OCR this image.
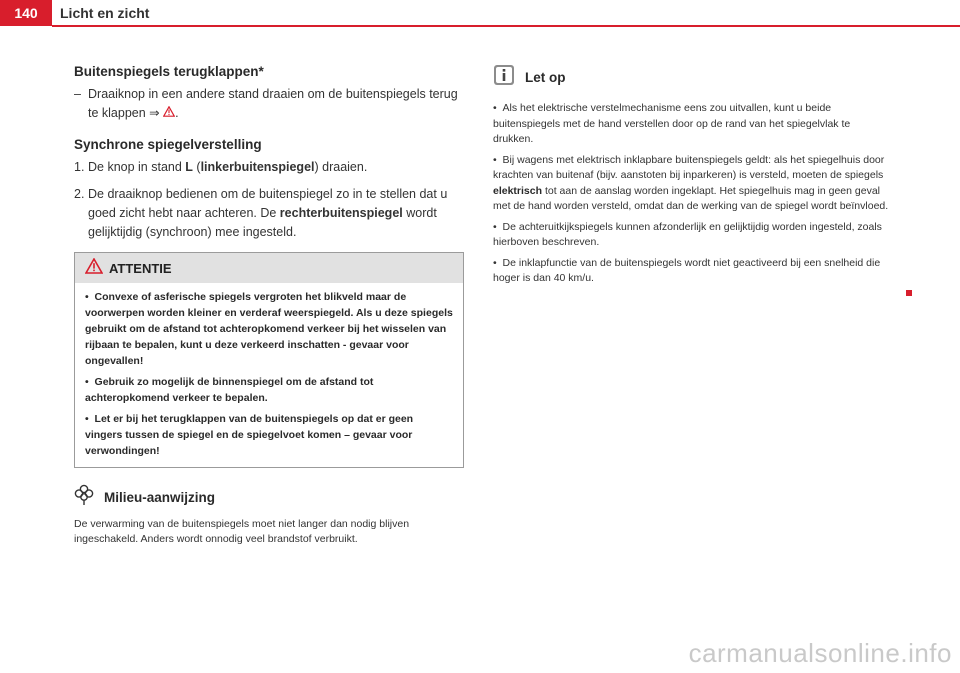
140 Licht en zicht
Buitenspiegels terugklappen*
– Draaiknop in een andere stand draaien om de buitenspiegels terug te klappen ⇒ .
Synchrone spiegelverstelling
1. De knop in stand L (linkerbuitenspiegel) draaien.
2. De draaiknop bedienen om de buitenspiegel zo in te stellen dat u goed zicht hebt naar achteren. De rechterbuitenspiegel wordt gelijktijdig (synchroon) mee ingesteld.
ATTENTIE

• Convexe of asferische spiegels vergroten het blikveld maar de voorwerpen worden kleiner en verderaf weerspiegeld. Als u deze spiegels gebruikt om de afstand tot achteropkomend verkeer bij het wisselen van rijbaan te bepalen, kunt u deze verkeerd inschatten - gevaar voor ongevallen!

• Gebruik zo mogelijk de binnenspiegel om de afstand tot achteropkomend verkeer te bepalen.

• Let er bij het terugklappen van de buitenspiegels op dat er geen vingers tussen de spiegel en de spiegelvoet komen – gevaar voor verwondingen!

Milieu-aanwijzing

De verwarming van de buitenspiegels moet niet langer dan nodig blijven ingeschakeld. Anders wordt onnodig veel brandstof verbruikt.

Let op

• Als het elektrische verstelmechanisme eens zou uitvallen, kunt u beide buitenspiegels met de hand verstellen door op de rand van het spiegelvlak te drukken.

• Bij wagens met elektrisch inklapbare buitenspiegels geldt: als het spiegelhuis door krachten van buitenaf (bijv. aanstoten bij inparkeren) is versteld, moeten de spiegels elektrisch tot aan de aanslag worden ingeklapt. Het spiegelhuis mag in geen geval met de hand worden versteld, omdat dan de werking van de spiegel wordt beïnvloed.

• De achteruitkijkspiegels kunnen afzonderlijk en gelijktijdig worden ingesteld, zoals hierboven beschreven.

• De inklapfunctie van de buitenspiegels wordt niet geactiveerd bij een snelheid die hoger is dan 40 km/u.

carmanualsonline.info
